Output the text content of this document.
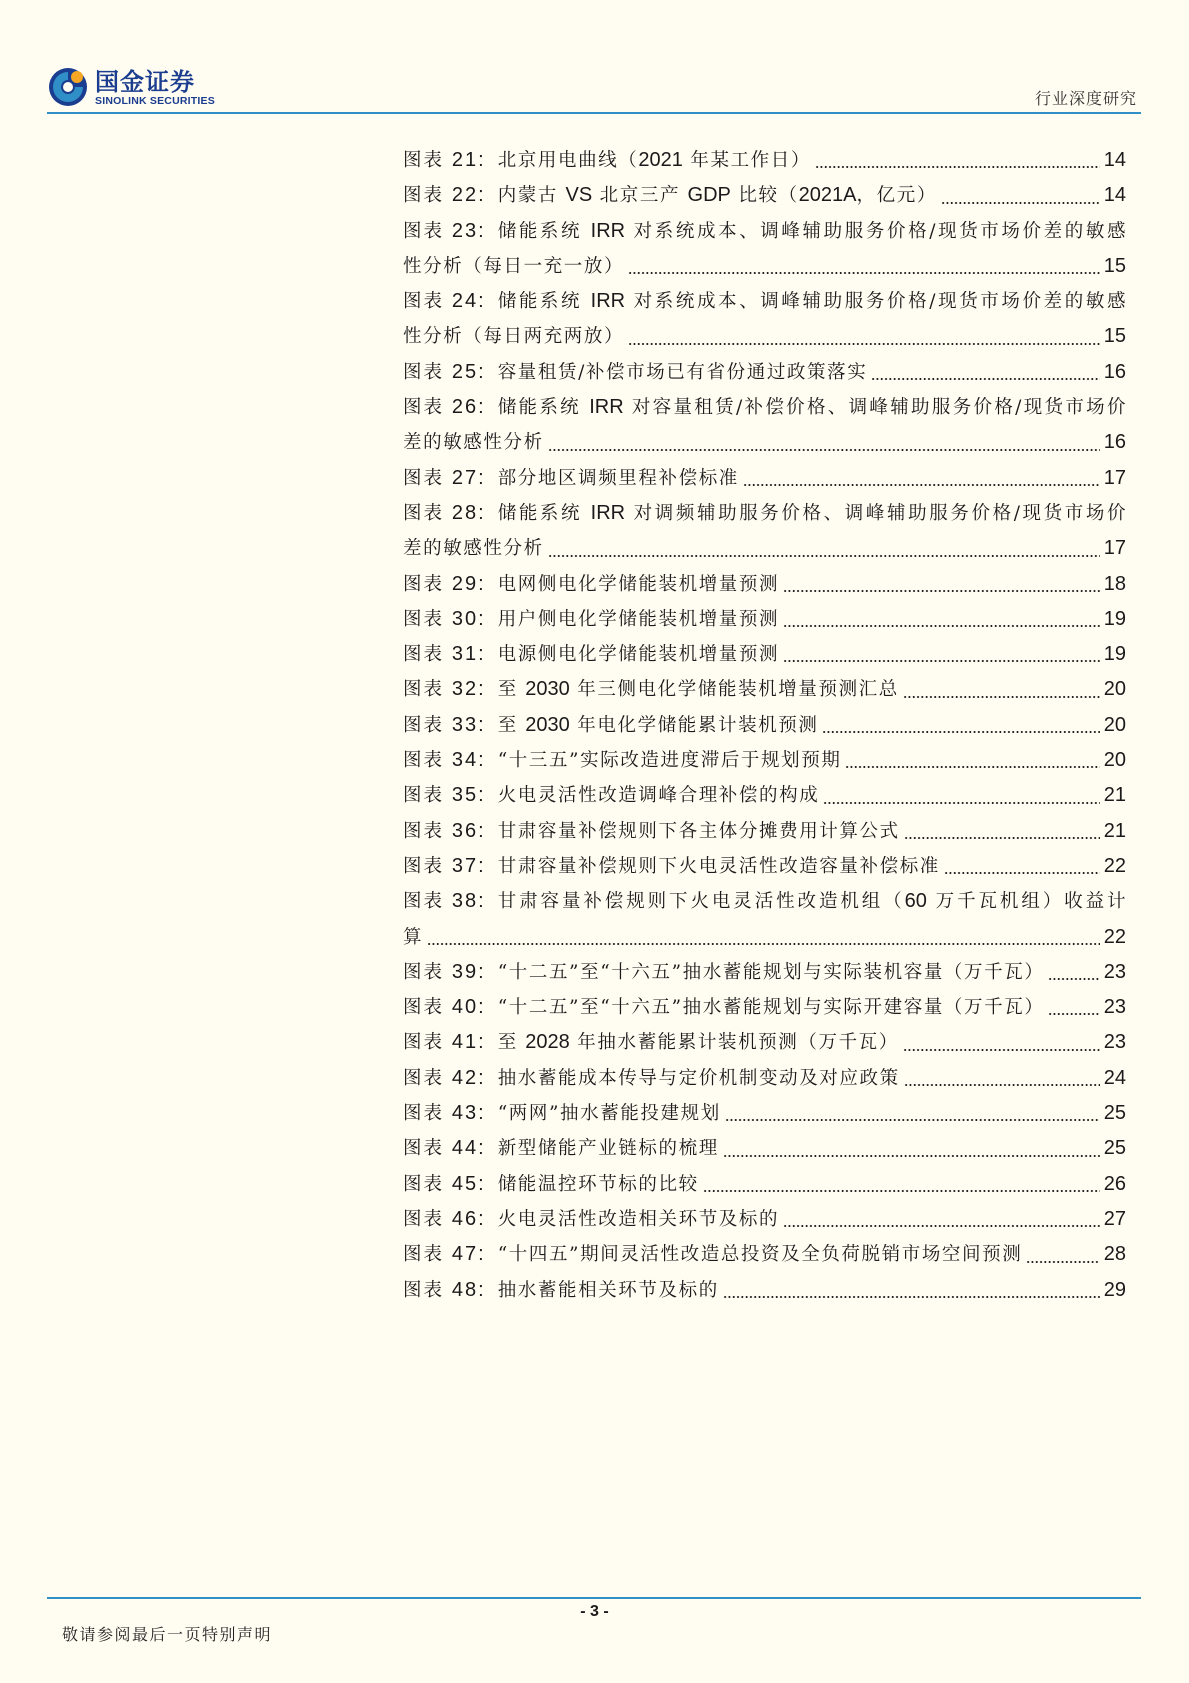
国金证券
SINOLINK SECURITIES	行业深度研究
图表 21: 北京用电曲线（2021 年某工作日）	14
图表 22: 内蒙古 VS 北京三产 GDP 比较（2021A，亿元）	14
图表 23: 储能系统 IRR 对系统成本、调峰辅助服务价格/现货市场价差的敏感
性分析（每日一充一放）	15
图表 24: 储能系统 IRR 对系统成本、调峰辅助服务价格/现货市场价差的敏感
性分析（每日两充两放）	15
图表 25: 容量租赁/补偿市场已有省份通过政策落实	16
图表 26: 储能系统 IRR 对容量租赁/补偿价格、调峰辅助服务价格/现货市场价
差的敏感性分析	16
图表 27: 部分地区调频里程补偿标准	17
图表 28: 储能系统 IRR 对调频辅助服务价格、调峰辅助服务价格/现货市场价
差的敏感性分析	17
图表 29: 电网侧电化学储能装机增量预测	18
图表 30: 用户侧电化学储能装机增量预测	19
图表 31: 电源侧电化学储能装机增量预测	19
图表 32: 至 2030 年三侧电化学储能装机增量预测汇总	20
图表 33: 至 2030 年电化学储能累计装机预测	20
图表 34: “十三五”实际改造进度滞后于规划预期	20
图表 35: 火电灵活性改造调峰合理补偿的构成	21
图表 36: 甘肃容量补偿规则下各主体分摊费用计算公式	21
图表 37: 甘肃容量补偿规则下火电灵活性改造容量补偿标准	22
图表 38: 甘肃容量补偿规则下火电灵活性改造机组（60 万千瓦机组）收益计
算	22
图表 39: “十二五”至“十六五”抽水蓄能规划与实际装机容量（万千瓦）	23
图表 40: “十二五”至“十六五”抽水蓄能规划与实际开建容量（万千瓦）	23
图表 41: 至 2028 年抽水蓄能累计装机预测（万千瓦）	23
图表 42: 抽水蓄能成本传导与定价机制变动及对应政策	24
图表 43: “两网”抽水蓄能投建规划	25
图表 44: 新型储能产业链标的梳理	25
图表 45: 储能温控环节标的比较	26
图表 46: 火电灵活性改造相关环节及标的	27
图表 47: “十四五”期间灵活性改造总投资及全负荷脱销市场空间预测	28
图表 48: 抽水蓄能相关环节及标的	29
- 3 -
敬请参阅最后一页特别声明
